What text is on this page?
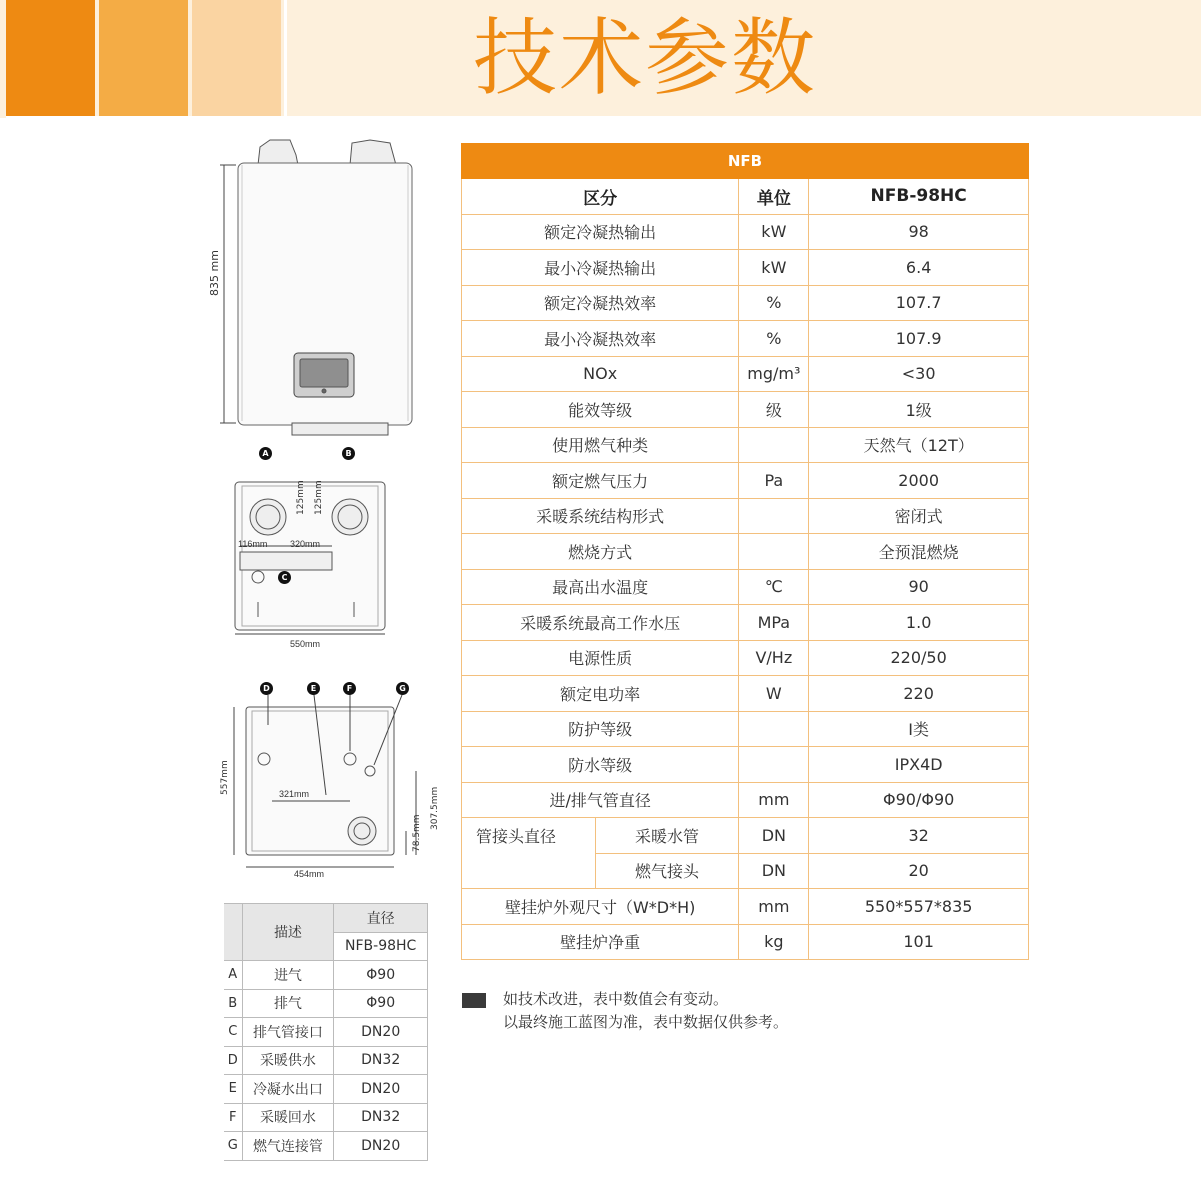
技术参数
835 mm
A	B
C
116mm	320mm
125mm 125mm
550mm
D	E	F	G
557mm	321mm	307.5mm
78.5mm
454mm
	描述	直径
		NFB-98HC
A	进气	Φ90
B	排气	Φ90
C	排气管接口	DN20
D	采暖供水	DN32
E	冷凝水出口	DN20
F	采暖回水	DN32
G	燃气连接管	DN20
NFB			
区分		单位	NFB-98HC
额定冷凝热输出		kW	98
最小冷凝热输出		kW	6.4
额定冷凝热效率		%	107.7
最小冷凝热效率		%	107.9
NOx		mg/m³	<30
能效等级		级	1级
使用燃气种类			天然气（12T）
额定燃气压力		Pa	2000
采暖系统结构形式			密闭式
燃烧方式			全预混燃烧
最高出水温度		℃	90
采暖系统最高工作水压		MPa	1.0
电源性质		V/Hz	220/50
额定电功率		W	220
防护等级			Ⅰ类
防水等级			IPX4D
进/排气管直径		mm	Φ90/Φ90
管接头直径	采暖水管	DN	32
	燃气接头	DN	20
壁挂炉外观尺寸（W*D*H)		mm	550*557*835
壁挂炉净重		kg	101
如技术改进，表中数值会有变动。
以最终施工蓝图为准，表中数据仅供参考。
